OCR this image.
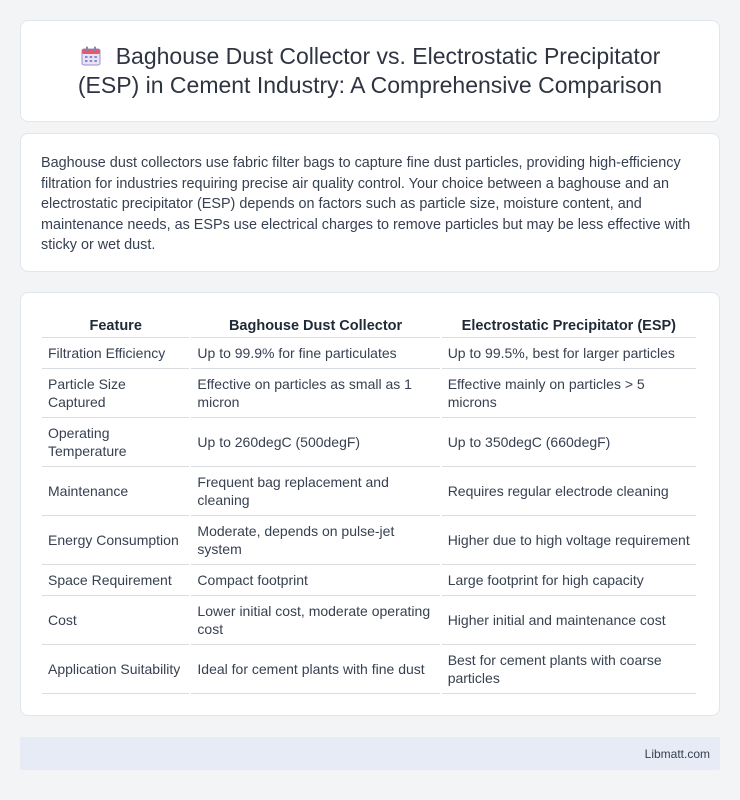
Baghouse Dust Collector vs. Electrostatic Precipitator (ESP) in Cement Industry: A Comprehensive Comparison

Baghouse dust collectors use fabric filter bags to capture fine dust particles, providing high-efficiency filtration for industries requiring precise air quality control. Your choice between a baghouse and an electrostatic precipitator (ESP) depends on factors such as particle size, moisture content, and maintenance needs, as ESPs use electrical charges to remove particles but may be less effective with sticky or wet dust.

Feature	Baghouse Dust Collector	Electrostatic Precipitator (ESP)
Filtration Efficiency	Up to 99.9% for fine particulates	Up to 99.5%, best for larger particles
Particle Size Captured	Effective on particles as small as 1 micron	Effective mainly on particles > 5 microns
Operating Temperature	Up to 260degC (500degF)	Up to 350degC (660degF)
Maintenance	Frequent bag replacement and cleaning	Requires regular electrode cleaning
Energy Consumption	Moderate, depends on pulse-jet system	Higher due to high voltage requirement
Space Requirement	Compact footprint	Large footprint for high capacity
Cost	Lower initial cost, moderate operating cost	Higher initial and maintenance cost
Application Suitability	Ideal for cement plants with fine dust	Best for cement plants with coarse particles
Libmatt.com
